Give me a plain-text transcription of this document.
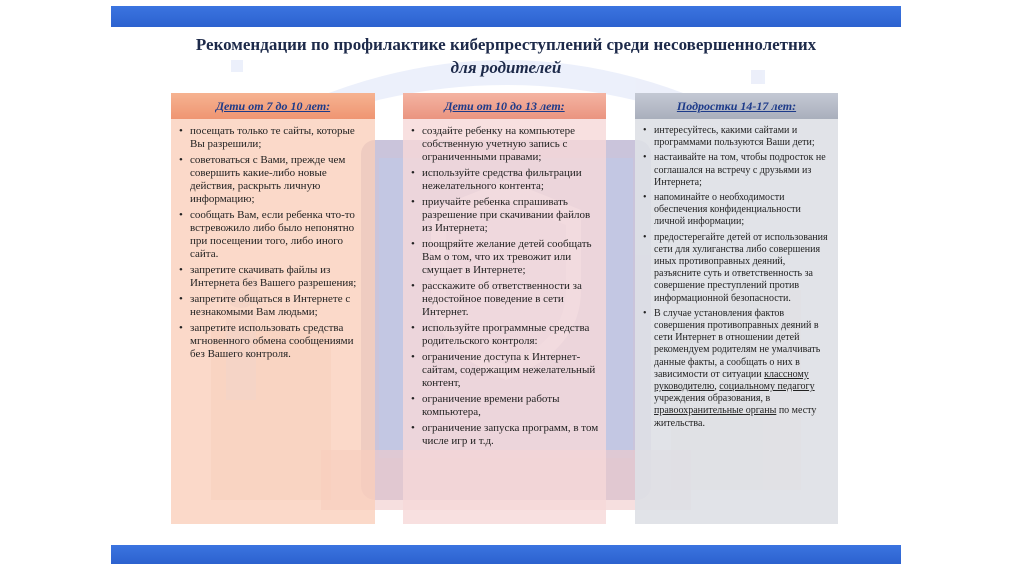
Рекомендации по профилактике киберпреступлений среди несовершеннолетних
для родителей
Дети от 7 до 10 лет:
• посещать только те сайты, которые Вы разрешили;
• советоваться с Вами, прежде чем совершить какие-либо новые действия, раскрыть личную информацию;
• сообщать Вам, если ребенка что-то встревожило либо было непонятно при посещении того, либо иного сайта.
• запретите скачивать файлы из Интернета без Вашего разрешения;
• запретите общаться в Интернете с незнакомыми Вам людьми;
• запретите использовать средства мгновенного обмена сообщениями без Вашего контроля.
Дети от 10 до 13 лет:
• создайте ребенку на компьютере собственную учетную запись с ограниченными правами;
• используйте средства фильтрации нежелательного контента;
• приучайте ребенка спрашивать разрешение при скачивании файлов из Интернета;
• поощряйте желание детей сообщать Вам о том, что их тревожит или смущает в Интернете;
• расскажите об ответственности за недостойное поведение в сети Интернет.
• используйте программные средства родительского контроля:
• ограничение доступа к Интернет-сайтам, содержащим нежелательный контент,
• ограничение времени работы компьютера,
• ограничение запуска программ, в том числе игр и т.д.
Подростки 14-17 лет:
• интересуйтесь, какими сайтами и программами пользуются Ваши дети;
• настаивайте на том, чтобы подросток не соглашался на встречу с друзьями из Интернета;
• напоминайте о необходимости обеспечения конфиденциальности личной информации;
• предостерегайте детей от использования сети для хулиганства либо совершения иных противоправных деяний, разъясните суть и ответственность за совершение преступлений против информационной безопасности.
• В случае установления фактов совершения противоправных деяний в сети Интернет в отношении детей рекомендуем родителям не умалчивать данные факты, а сообщать о них в зависимости от ситуации классному руководителю, социальному педагогу учреждения образования, в правоохранительные органы по месту жительства.
